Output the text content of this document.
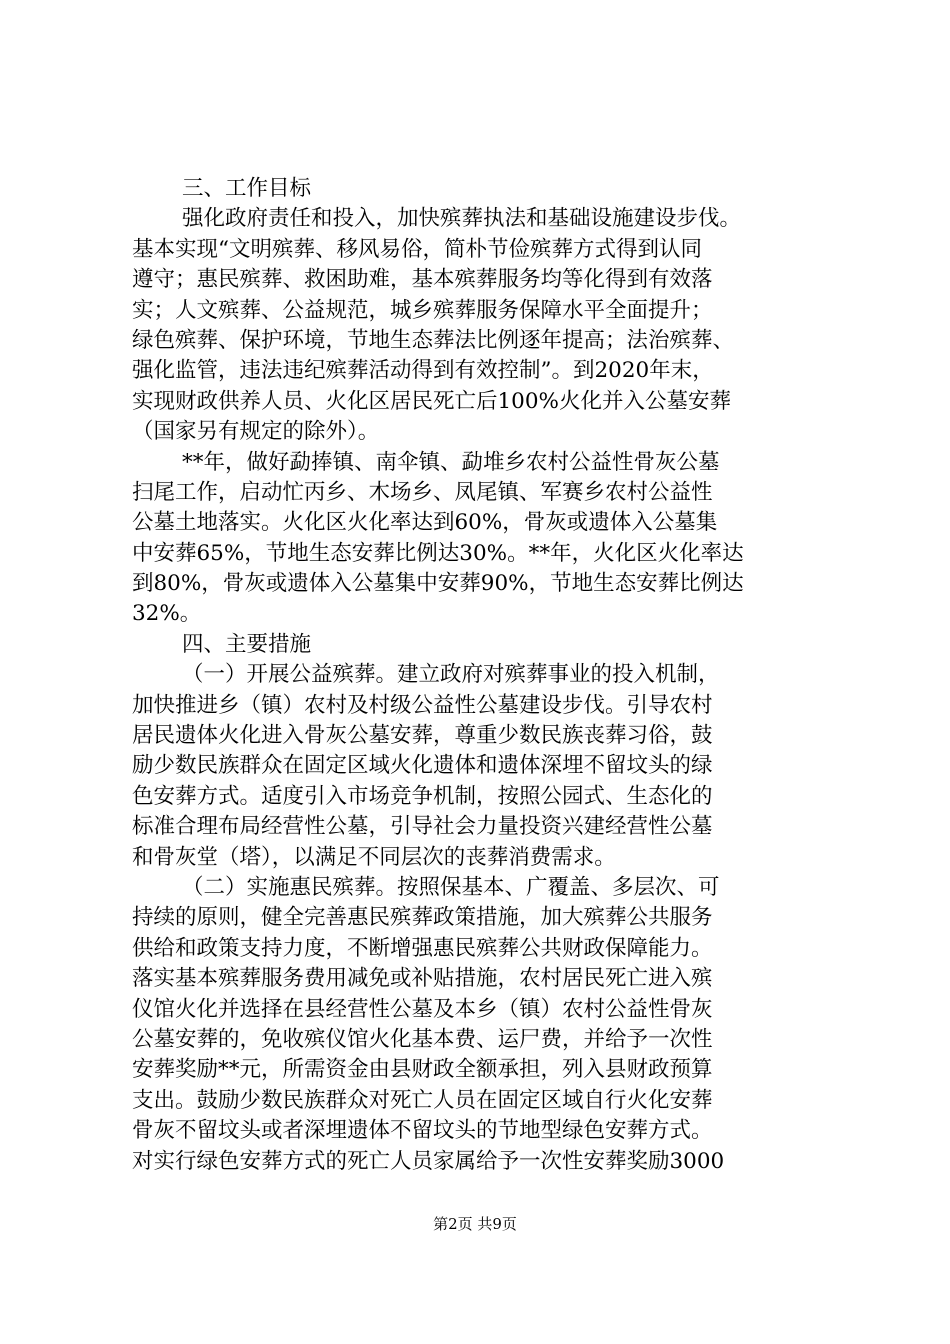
三、工作目标
强化政府责任和投入，加快殡葬执法和基础设施建设步伐。
基本实现“文明殡葬、移风易俗，简朴节俭殡葬方式得到认同
遵守；惠民殡葬、救困助难，基本殡葬服务均等化得到有效落
实；人文殡葬、公益规范，城乡殡葬服务保障水平全面提升；
绿色殡葬、保护环境，节地生态葬法比例逐年提高；法治殡葬、
强化监管，违法违纪殡葬活动得到有效控制”。到2020年末，
实现财政供养人员、火化区居民死亡后100%火化并入公墓安葬
（国家另有规定的除外）。
**年，做好勐捧镇、南伞镇、勐堆乡农村公益性骨灰公墓
扫尾工作，启动忙丙乡、木场乡、凤尾镇、军赛乡农村公益性
公墓土地落实。火化区火化率达到60%，骨灰或遗体入公墓集
中安葬65%，节地生态安葬比例达30%。**年，火化区火化率达
到80%，骨灰或遗体入公墓集中安葬90%，节地生态安葬比例达
32%。
四、主要措施
（一）开展公益殡葬。建立政府对殡葬事业的投入机制，
加快推进乡（镇）农村及村级公益性公墓建设步伐。引导农村
居民遗体火化进入骨灰公墓安葬，尊重少数民族丧葬习俗，鼓
励少数民族群众在固定区域火化遗体和遗体深埋不留坟头的绿
色安葬方式。适度引入市场竞争机制，按照公园式、生态化的
标准合理布局经营性公墓，引导社会力量投资兴建经营性公墓
和骨灰堂（塔），以满足不同层次的丧葬消费需求。
（二）实施惠民殡葬。按照保基本、广覆盖、多层次、可
持续的原则，健全完善惠民殡葬政策措施，加大殡葬公共服务
供给和政策支持力度，不断增强惠民殡葬公共财政保障能力。
落实基本殡葬服务费用减免或补贴措施，农村居民死亡进入殡
仪馆火化并选择在县经营性公墓及本乡（镇）农村公益性骨灰
公墓安葬的，免收殡仪馆火化基本费、运尸费，并给予一次性
安葬奖励**元，所需资金由县财政全额承担，列入县财政预算
支出。鼓励少数民族群众对死亡人员在固定区域自行火化安葬
骨灰不留坟头或者深埋遗体不留坟头的节地型绿色安葬方式。
对实行绿色安葬方式的死亡人员家属给予一次性安葬奖励3000
第2页 共9页
